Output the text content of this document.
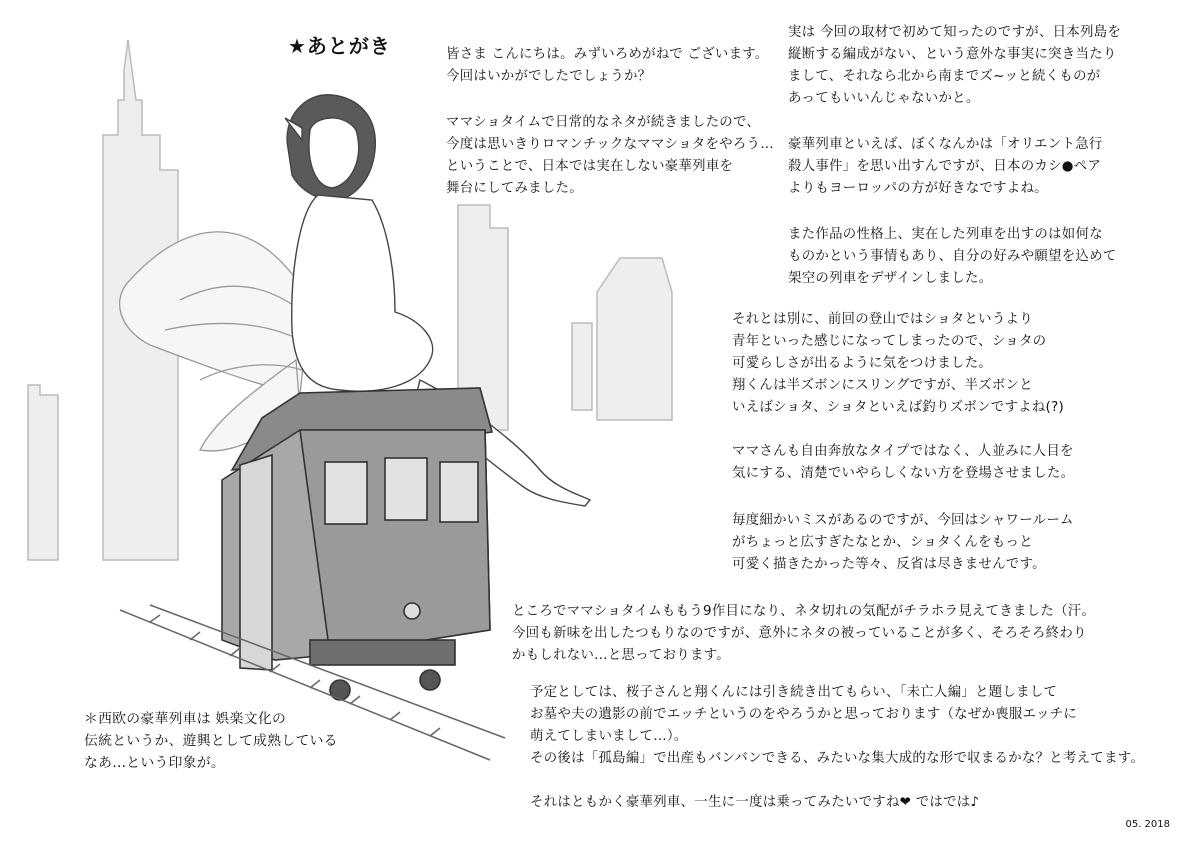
★あとがき	皆さま こんにちは。みずいろめがねで ございます。
今回はいかがでしたでしょうか？
ママショタイムで日常的なネタが続きましたので、
今度は思いきりロマンチックなママショタをやろう…
ということで、日本では実在しない豪華列車を
舞台にしてみました。
実は 今回の取材で初めて知ったのですが、日本列島を
縦断する編成がない、という意外な事実に突き当たり
まして、それなら北から南までズ~ッと続くものが
あってもいいんじゃないかと。
豪華列車といえば、ぼくなんかは「オリエント急行
殺人事件」を思い出すんですが、日本のカシ●ペア
よりもヨーロッパの方が好きなですよね。
また作品の性格上、実在した列車を出すのは如何な
ものかという事情もあり、自分の好みや願望を込めて
架空の列車をデザインしました。
それとは別に、前回の登山ではショタというより
青年といった感じになってしまったので、ショタの
可愛らしさが出るように気をつけました。
翔くんは半ズボンにスリングですが、半ズボンと
いえばショタ、ショタといえば釣りズボンですよね(?)
ママさんも自由奔放なタイプではなく、人並みに人目を
気にする、清楚でいやらしくない方を登場させました。
毎度細かいミスがあるのですが、今回はシャワールーム
がちょっと広すぎたなとか、ショタくんをもっと
可愛く描きたかった等々、反省は尽きませんです。
ところでママショタイムももう9作目になり、ネタ切れの気配がチラホラ見えてきました（汗。
今回も新味を出したつもりなのですが、意外にネタの被っていることが多く、そろそろ終わり
かもしれない…と思っております。
予定としては、桜子さんと翔くんには引き続き出てもらい、「未亡人編」と題しまして
お墓や夫の遺影の前でエッチというのをやろうかと思っております（なぜか喪服エッチに
萌えてしまいまして…）。
その後は「孤島編」で出産もバンバンできる、みたいな集大成的な形で収まるかな？と考えてます。
それはともかく豪華列車、一生に一度は乗ってみたいですね❤ ではでは♪
＊西欧の豪華列車は 娯楽文化の
伝統というか、遊興として成熟している
なあ…という印象が。
05. 2018
